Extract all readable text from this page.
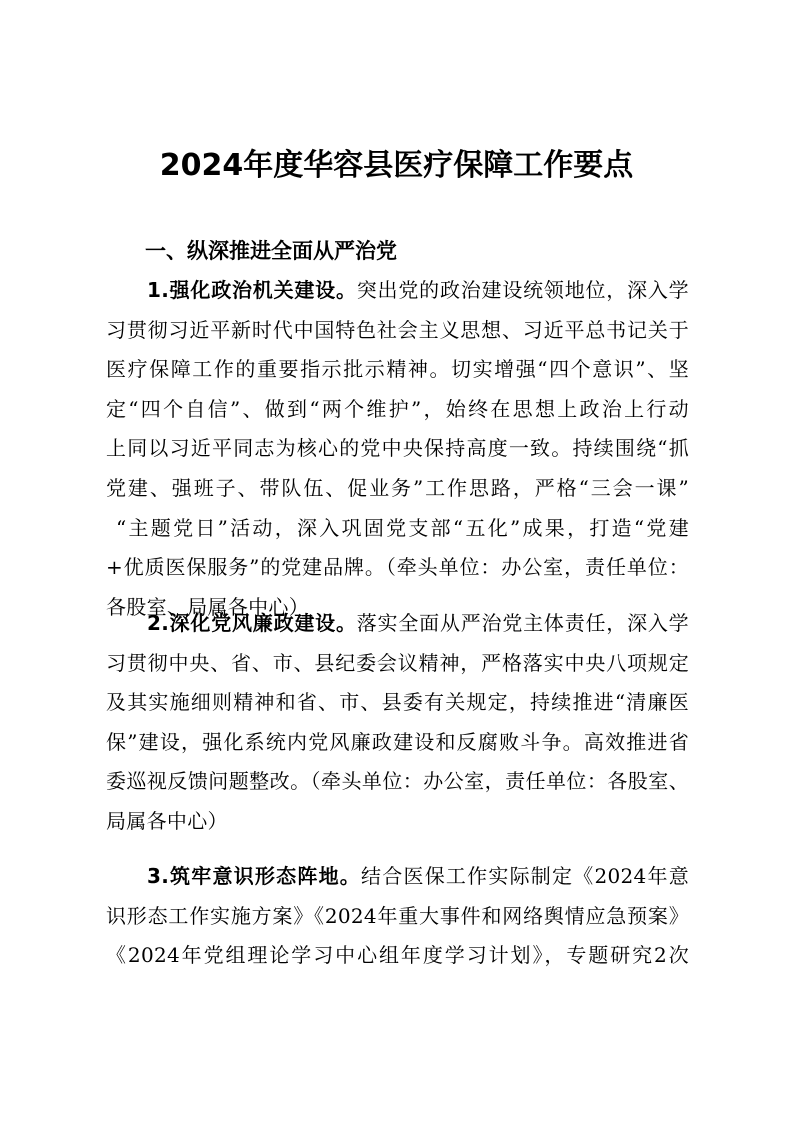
2024年度华容县医疗保障工作要点
一、纵深推进全面从严治党
1.强化政治机关建设。突出党的政治建设统领地位，深入学
习贯彻习近平新时代中国特色社会主义思想、习近平总书记关于
医疗保障工作的重要指示批示精神。切实增强“四个意识”、坚
定“四个自信”、做到“两个维护”，始终在思想上政治上行动
上同以习近平同志为核心的党中央保持高度一致。持续围绕“抓
党建、强班子、带队伍、促业务”工作思路，严格“三会一课”
“主题党日”活动，深入巩固党支部“五化”成果，打造“党建
+优质医保服务”的党建品牌。（牵头单位：办公室，责任单位：
各股室、局属各中心）
2.深化党风廉政建设。落实全面从严治党主体责任，深入学
习贯彻中央、省、市、县纪委会议精神，严格落实中央八项规定
及其实施细则精神和省、市、县委有关规定，持续推进“清廉医
保”建设，强化系统内党风廉政建设和反腐败斗争。高效推进省
委巡视反馈问题整改。（牵头单位：办公室，责任单位：各股室、
局属各中心）
3.筑牢意识形态阵地。结合医保工作实际制定《2024年意
识形态工作实施方案》《2024年重大事件和网络舆情应急预案》
《2024年党组理论学习中心组年度学习计划》，专题研究2次
